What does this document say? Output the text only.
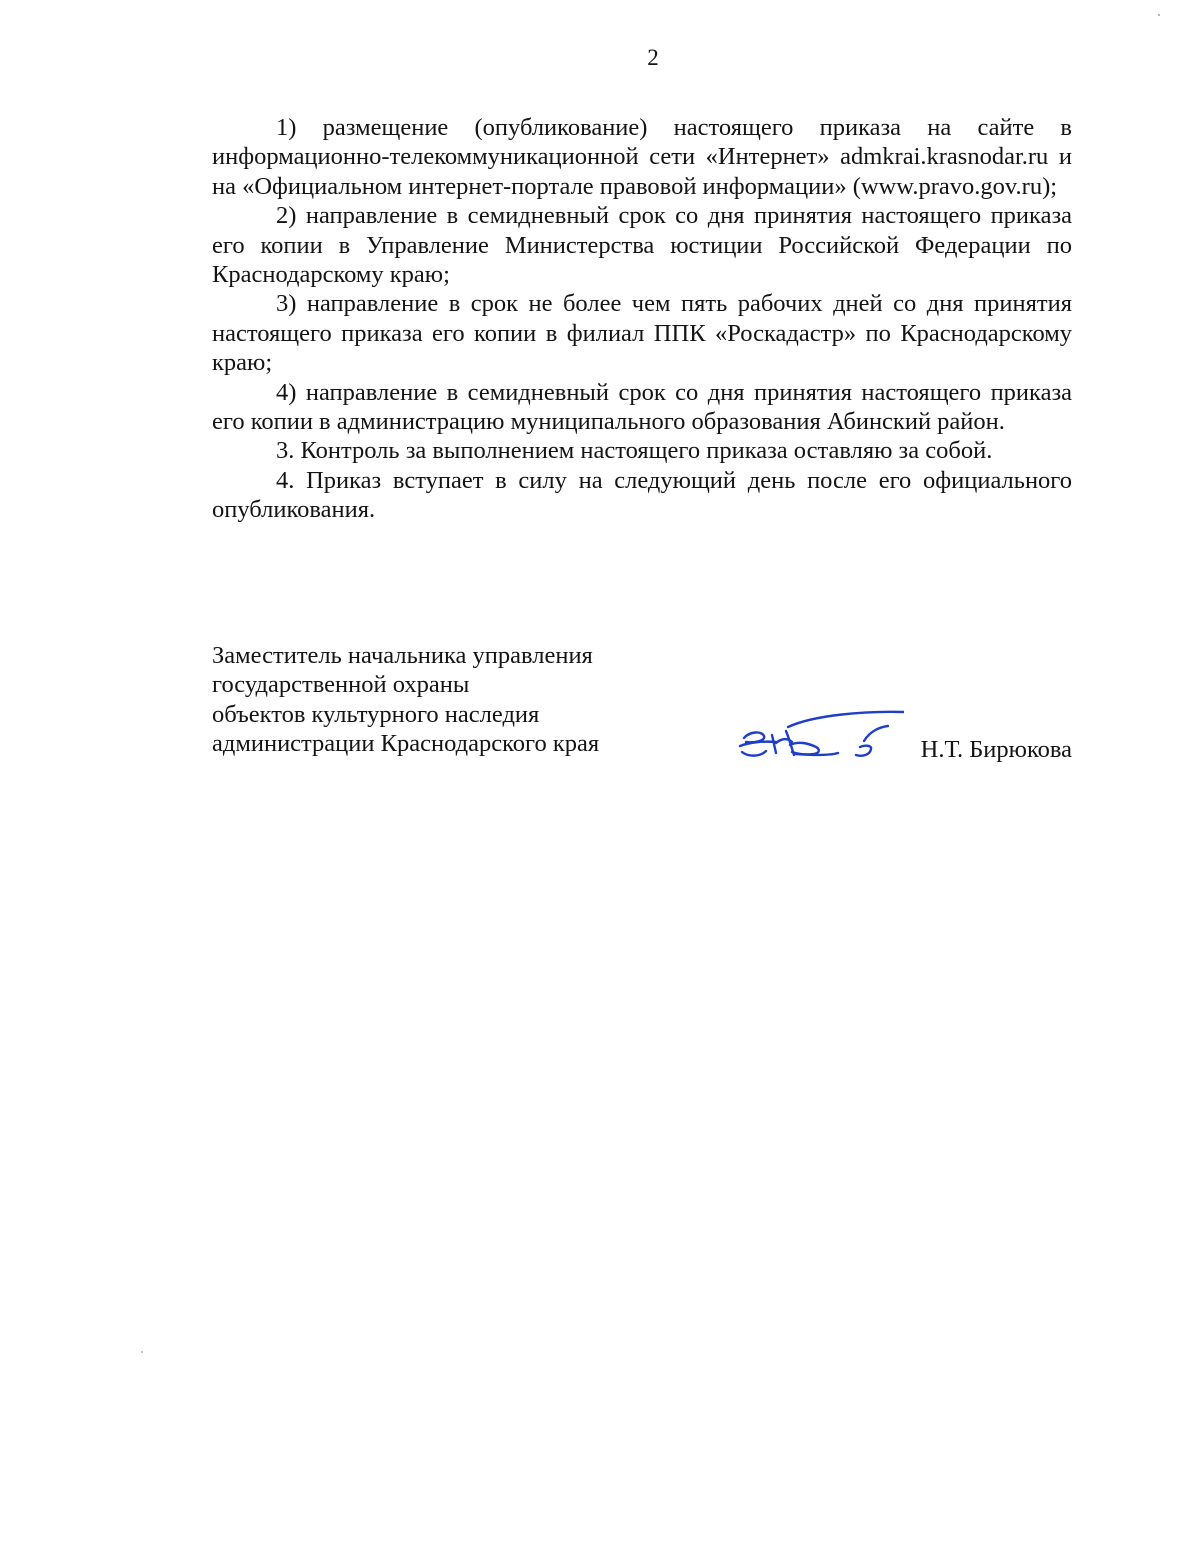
2

1) размещение (опубликование) настоящего приказа на сайте в информационно-телекоммуникационной сети «Интернет» admkrai.krasnodar.ru и на «Официальном интернет-портале правовой информации» (www.pravo.gov.ru);

2) направление в семидневный срок со дня принятия настоящего приказа его копии в Управление Министерства юстиции Российской Федерации по Краснодарскому краю;

3) направление в срок не более чем пять рабочих дней со дня принятия настоящего приказа его копии в филиал ППК «Роскадастр» по Краснодарскому краю;

4) направление в семидневный срок со дня принятия настоящего приказа его копии в администрацию муниципального образования Абинский район.

3. Контроль за выполнением настоящего приказа оставляю за собой.

4. Приказ вступает в силу на следующий день после его официального опубликования.

Заместитель начальника управления
государственной охраны
объектов культурного наследия
администрации Краснодарского края	Н.Т. Бирюкова
